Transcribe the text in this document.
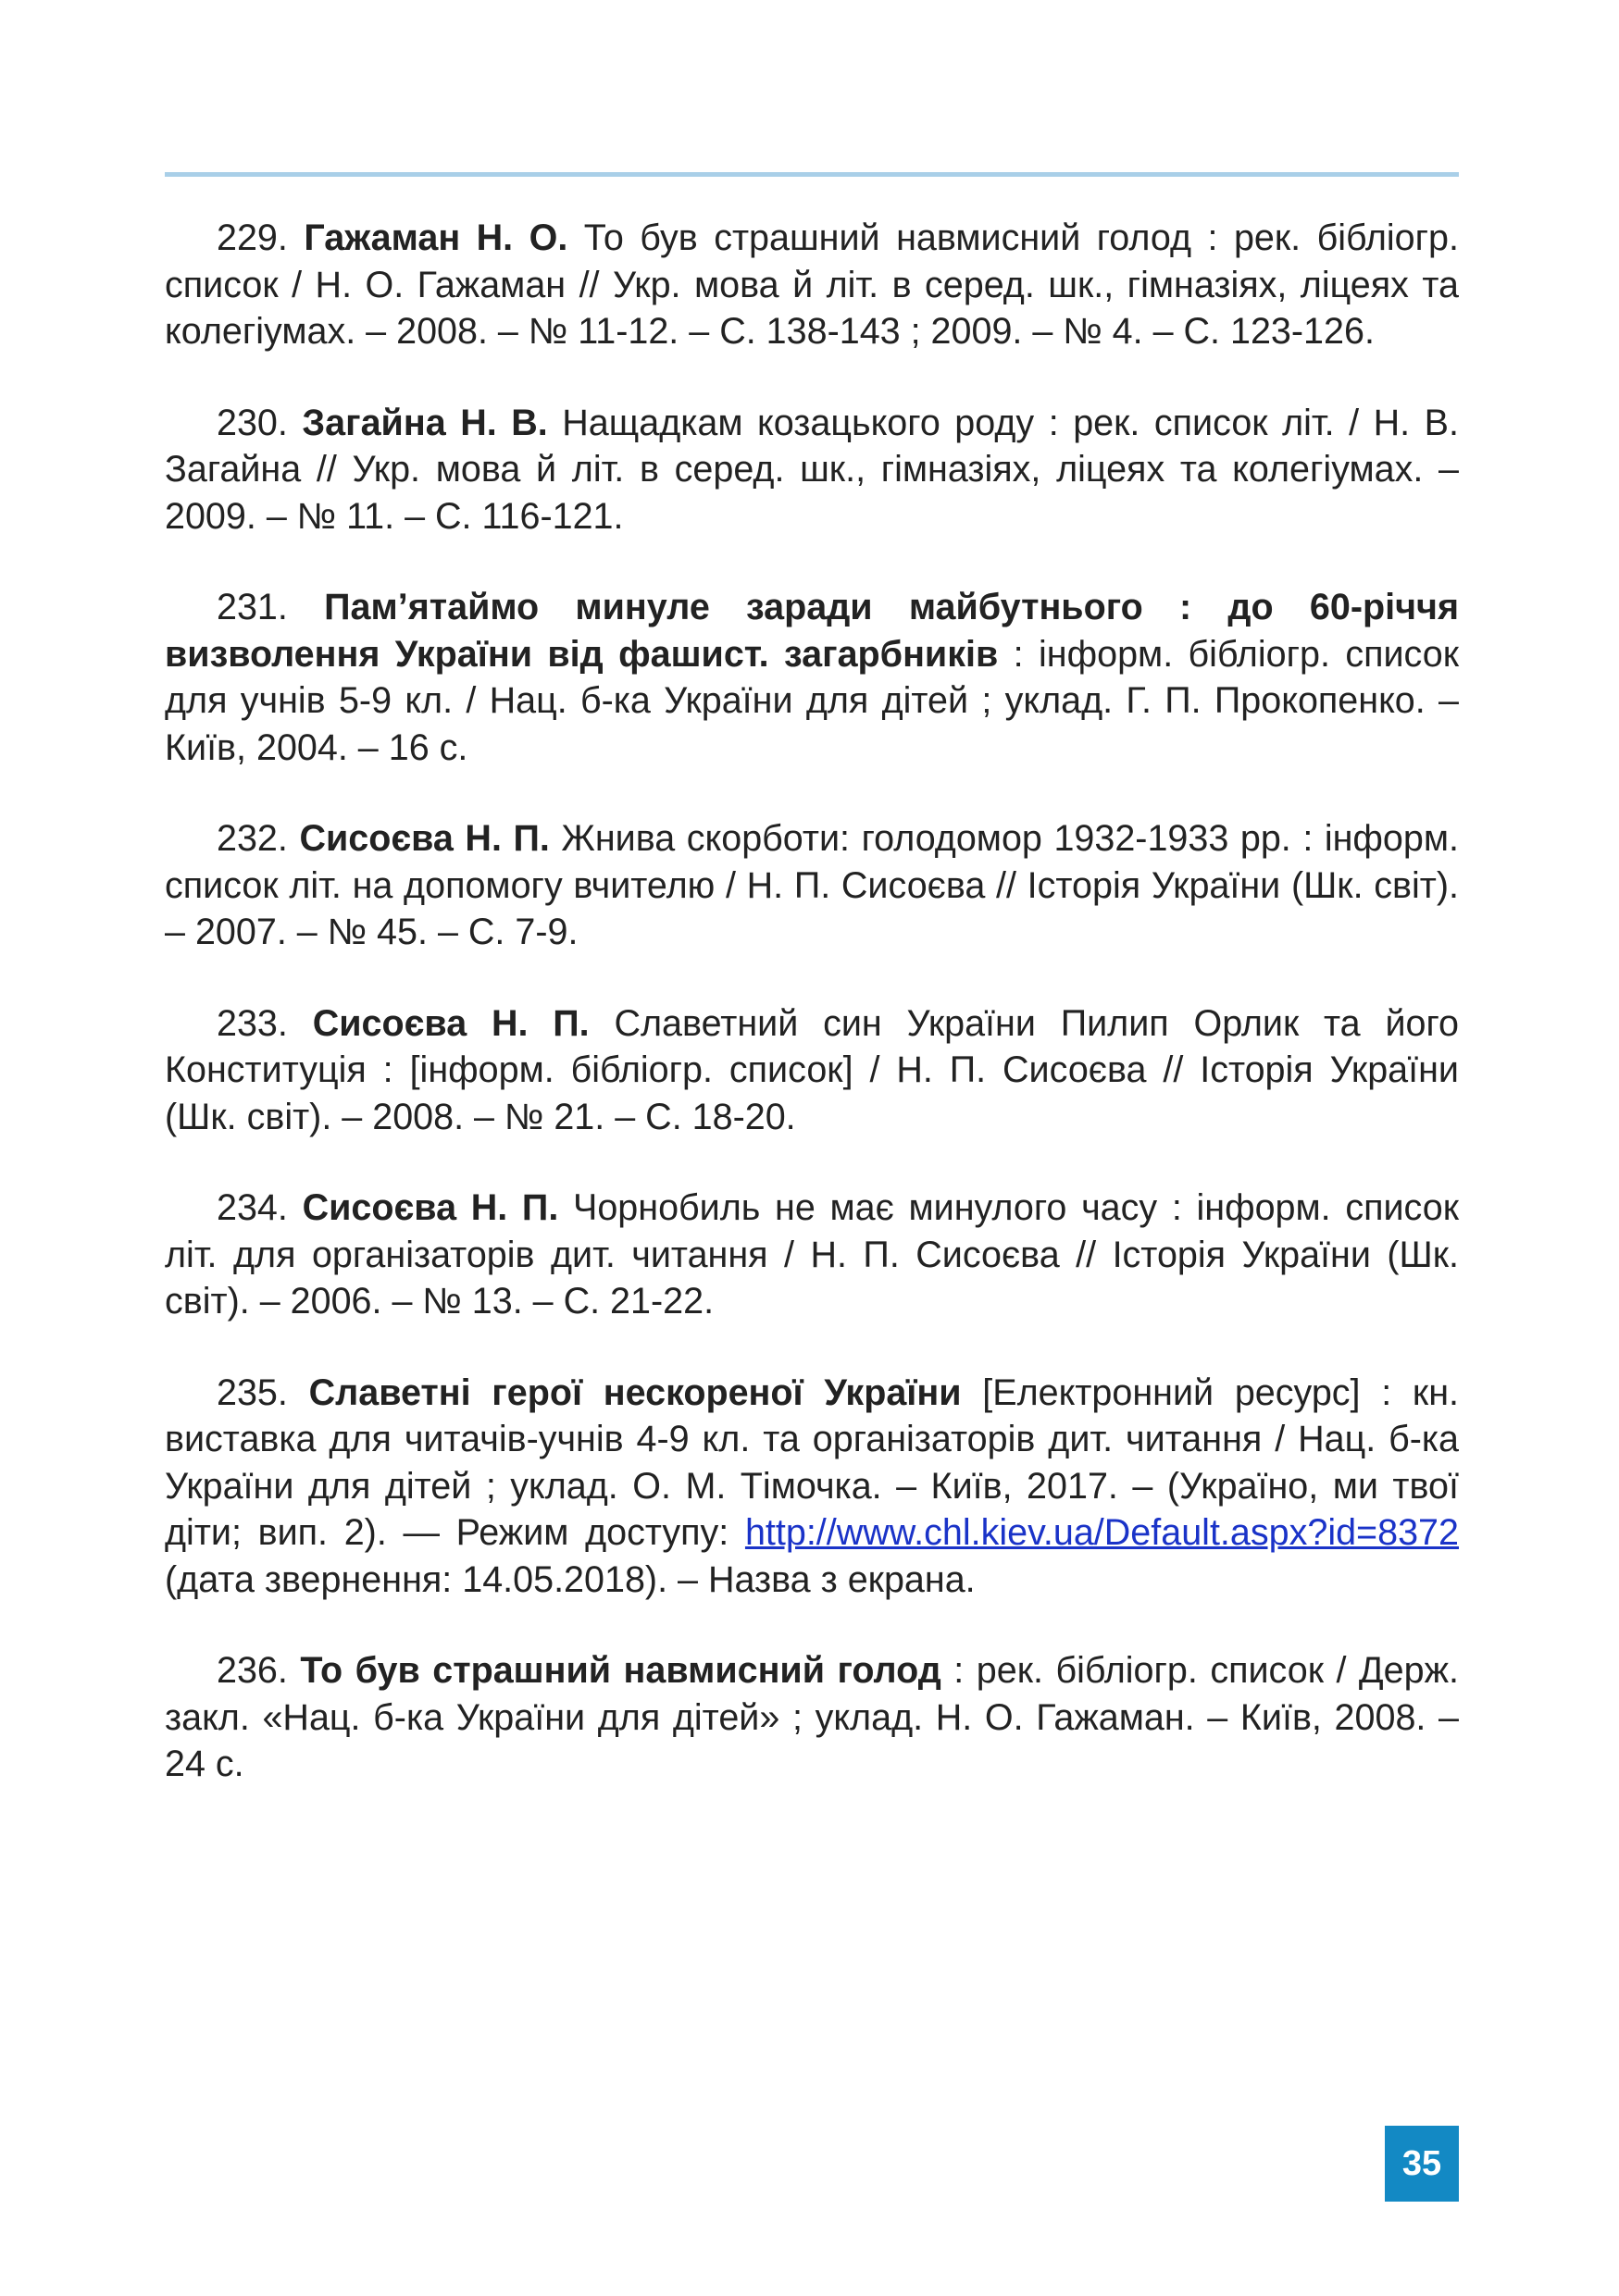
229. Гажаман Н. О. То був страшний навмисний голод : рек. бібліогр. список / Н. О. Гажаман // Укр. мова й літ. в серед. шк., гімназіях, ліцеях та колегіумах. – 2008. – № 11-12. – С. 138-143 ; 2009. – № 4. – С. 123-126.

230. Загайна Н. В. Нащадкам козацького роду : рек. список літ. / Н. В. Загайна // Укр. мова й літ. в серед. шк., гімназіях, ліцеях та колегіумах. – 2009. – № 11. – С. 116-121.

231. Пам’ятаймо минуле заради майбутнього : до 60-річчя визволення України від фашист. загарбників : інформ. бібліогр. список для учнів 5-9 кл. / Нац. б-ка України для дітей ; уклад. Г. П. Прокопенко. – Київ, 2004. – 16 с.

232. Сисоєва Н. П. Жнива скорботи: голодомор 1932-1933 рр. : інформ. список літ. на допомогу вчителю / Н. П. Сисоєва // Історія України (Шк. світ). – 2007. – № 45. – С. 7-9.

233. Сисоєва Н. П. Славетний син України Пилип Орлик та його Конституція : [інформ. бібліогр. список] / Н. П. Сисоєва // Історія України (Шк. світ). – 2008. – № 21. – С. 18-20.

234. Сисоєва Н. П. Чорнобиль не має минулого часу : інформ. список літ. для організаторів дит. читання / Н. П. Сисоєва // Історія України (Шк. світ). – 2006. – № 13. – С. 21-22.

235. Славетні герої нескореної України [Електронний ресурс] : кн. виставка для читачів-учнів 4-9 кл. та організаторів дит. читання / Нац. б-ка України для дітей ; уклад. О. М. Тімочка. – Київ, 2017. – (Україно, ми твої діти; вип. 2). — Режим доступу: http://www.chl.kiev.ua/Default.aspx?id=8372 (дата звернення: 14.05.2018). – Назва з екрана.

236. То був страшний навмисний голод : рек. бібліогр. список / Держ. закл. «Нац. б-ка України для дітей» ; уклад. Н. О. Гажаман. – Київ, 2008. – 24 с.

35
